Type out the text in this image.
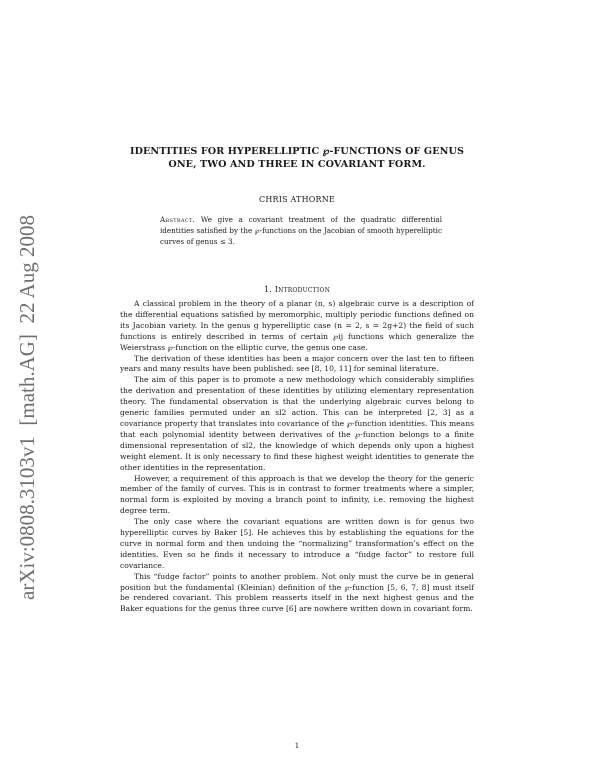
arXiv:0808.3103v1  [math.AG]  22 Aug 2008
IDENTITIES FOR HYPERELLIPTIC ℘-FUNCTIONS OF GENUS
ONE, TWO AND THREE IN COVARIANT FORM.
CHRIS ATHORNE
Abstract. We give a covariant treatment of the quadratic differential identities satisfied by the ℘-functions on the Jacobian of smooth hyperelliptic curves of genus ≤ 3.
1. Introduction

A classical problem in the theory of a planar (n, s) algebraic curve is a description of the differential equations satisfied by meromorphic, multiply periodic functions defined on its Jacobian variety. In the genus g hyperelliptic case (n = 2, s = 2g+2) the field of such functions is entirely described in terms of certain ℘ij functions which generalize the Weierstrass ℘-function on the elliptic curve, the genus one case.

The derivation of these identities has been a major concern over the last ten to fifteen years and many results have been published: see [8, 10, 11] for seminal literature.

The aim of this paper is to promote a new methodology which considerably simplifies the derivation and presentation of these identities by utilizing elementary representation theory. The fundamental observation is that the underlying algebraic curves belong to generic families permuted under an sl2 action. This can be interpreted [2, 3] as a covariance property that translates into covariance of the ℘-function identities. This means that each polynomial identity between derivatives of the ℘-function belongs to a finite dimensional representation of sl2, the knowledge of which depends only upon a highest weight element. It is only necessary to find these highest weight identities to generate the other identities in the representation.

However, a requirement of this approach is that we develop the theory for the generic member of the family of curves. This is in contrast to former treatments where a simpler, normal form is exploited by moving a branch point to infinity, i.e. removing the highest degree term.

The only case where the covariant equations are written down is for genus two hyperelliptic curves by Baker [5]. He achieves this by establishing the equations for the curve in normal form and then undoing the “normalizing” transformation’s effect on the identities. Even so he finds it necessary to introduce a “fudge factor” to restore full covariance.

This “fudge factor” points to another problem. Not only must the curve be in general position but the fundamental (Kleinian) definition of the ℘-function [5, 6, 7, 8] must itself be rendered covariant. This problem reasserts itself in the next highest genus and the Baker equations for the genus three curve [6] are nowhere written down in covariant form.

1
